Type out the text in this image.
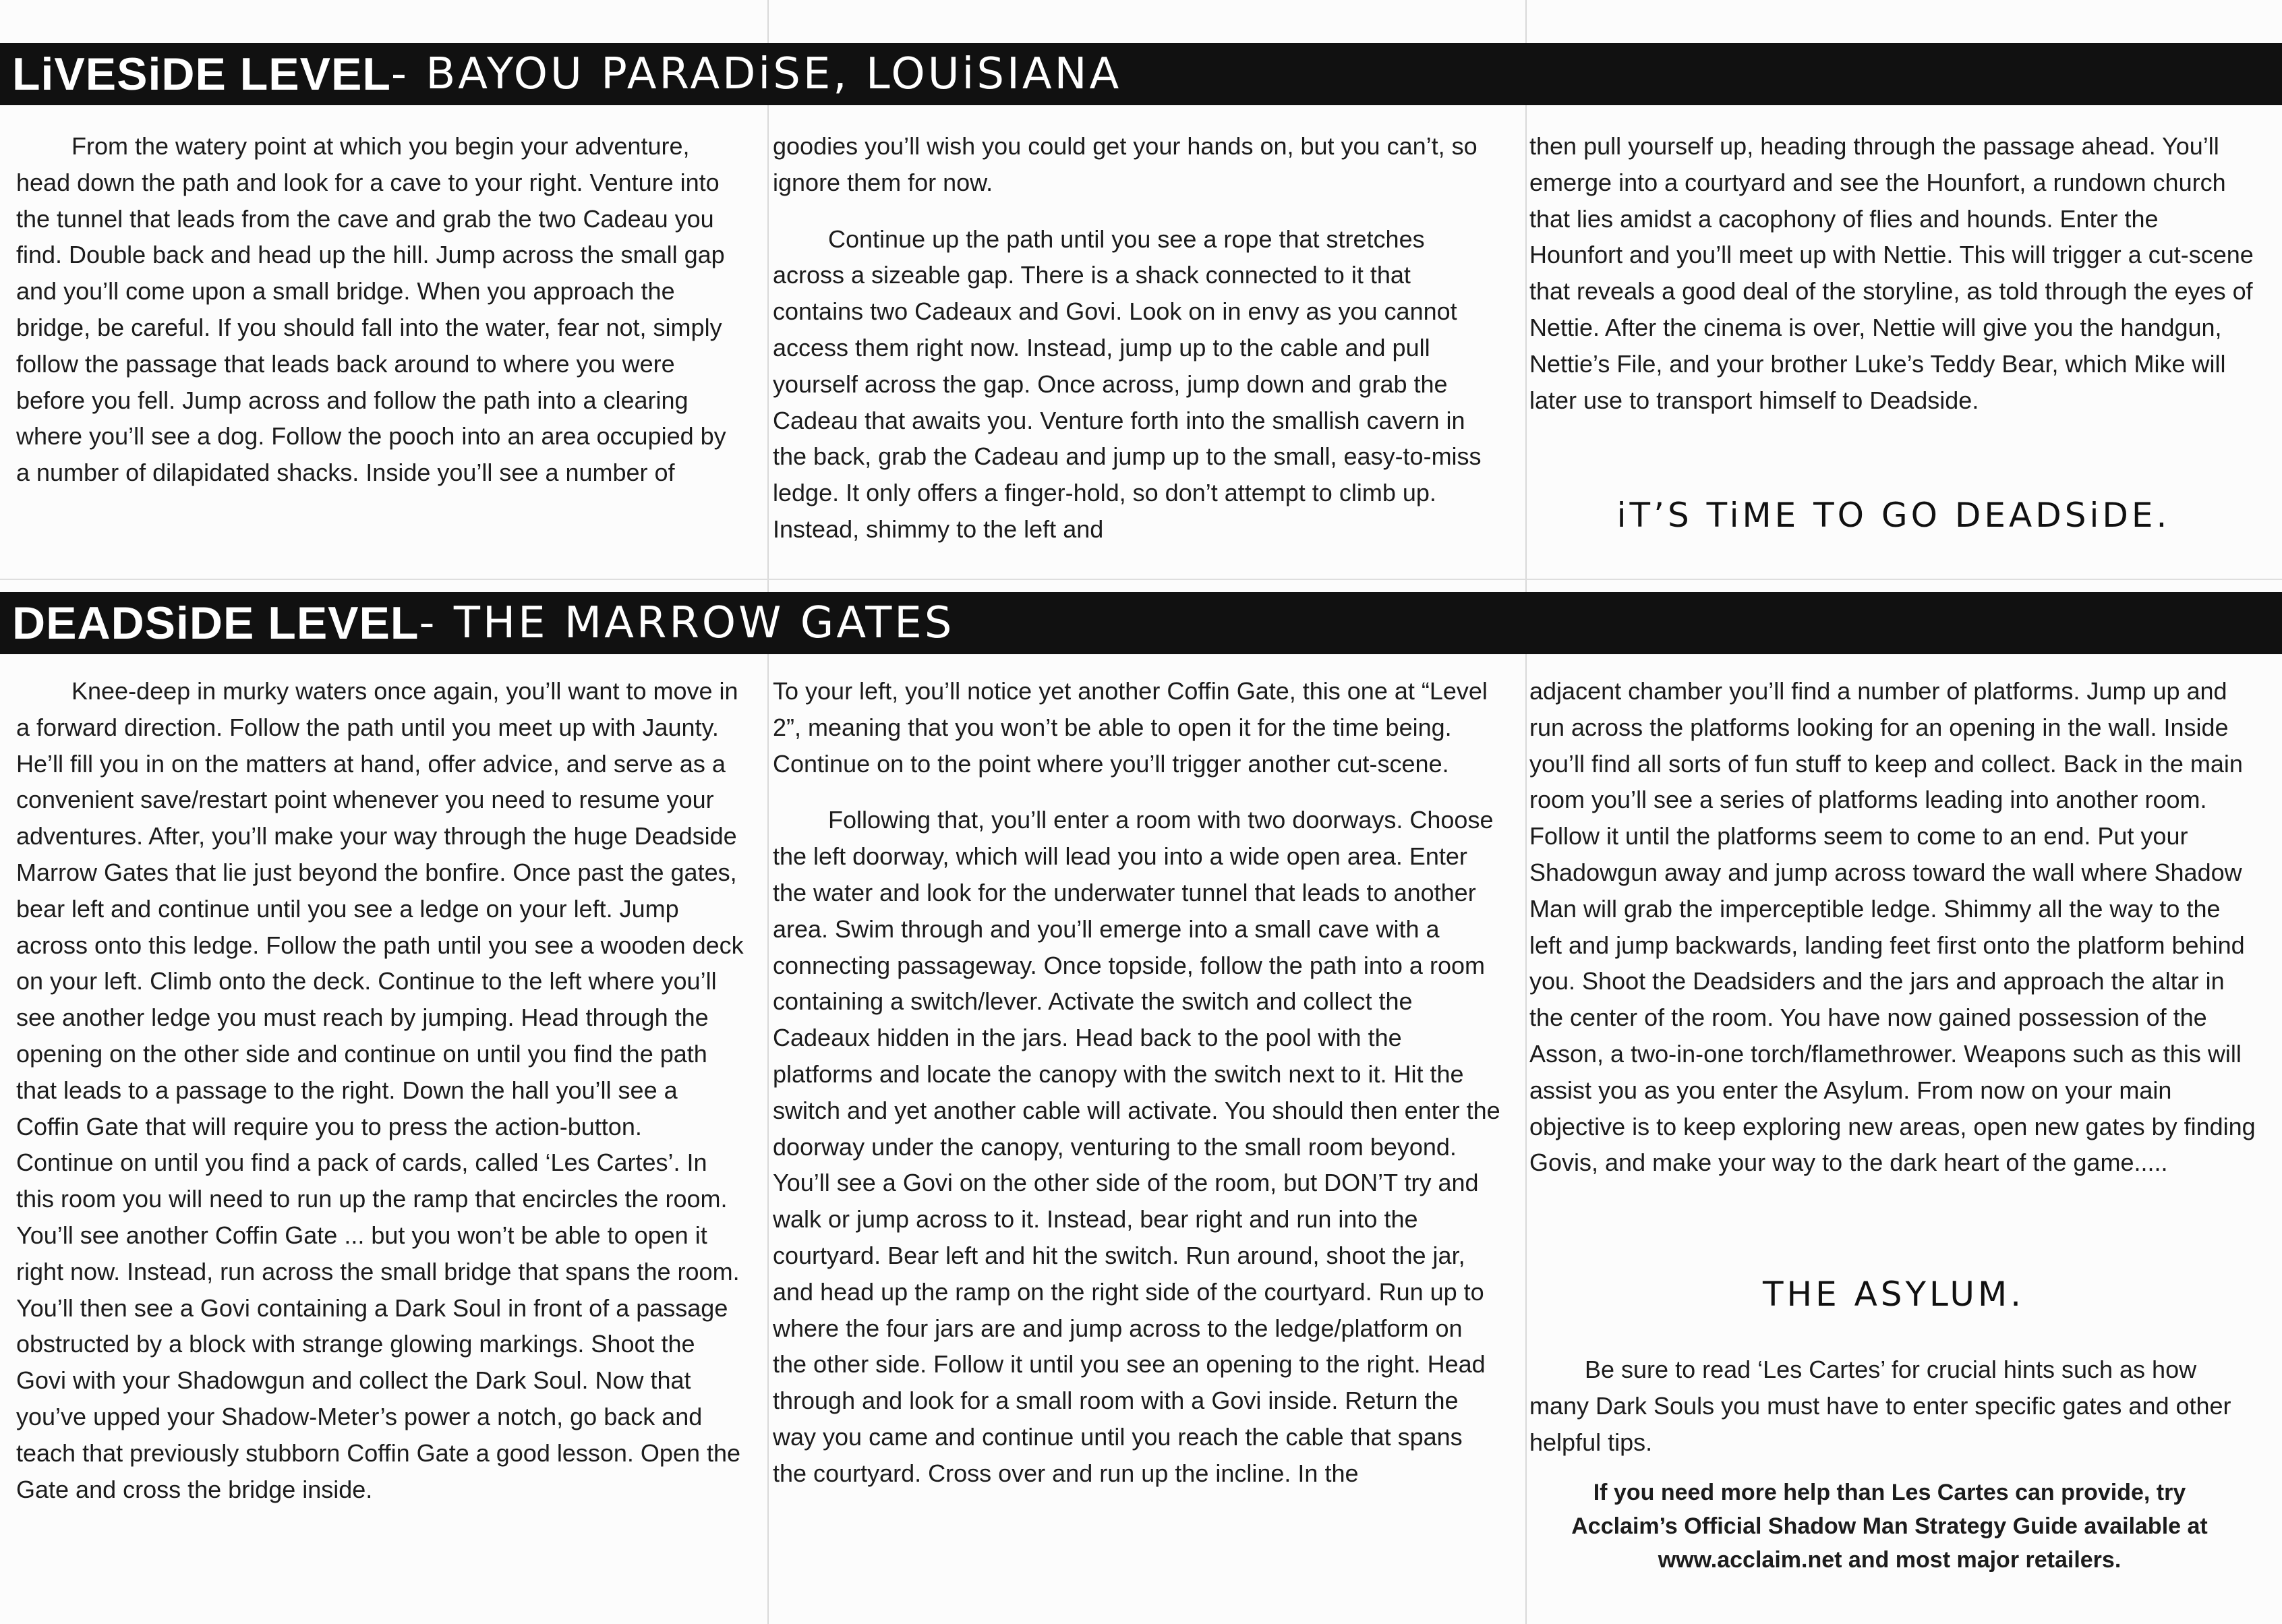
LiVESiDE LEVEL - BAYOU PARADiSE, LOUiSIANA

From the watery point at which you begin your adventure, head down the path and look for a cave to your right. Venture into the tunnel that leads from the cave and grab the two Cadeau you find. Double back and head up the hill. Jump across the small gap and you’ll come upon a small bridge. When you approach the bridge, be careful. If you should fall into the water, fear not, simply follow the passage that leads back around to where you were before you fell. Jump across and follow the path into a clearing where you’ll see a dog. Follow the pooch into an area occupied by a number of dilapidated shacks. Inside you’ll see a number of

goodies you’ll wish you could get your hands on, but you can’t, so ignore them for now.

Continue up the path until you see a rope that stretches across a sizeable gap. There is a shack connected to it that contains two Cadeaux and Govi. Look on in envy as you cannot access them right now. Instead, jump up to the cable and pull yourself across the gap. Once across, jump down and grab the Cadeau that awaits you. Venture forth into the smallish cavern in the back, grab the Cadeau and jump up to the small, easy-to-miss ledge. It only offers a finger-hold, so don’t attempt to climb up. Instead, shimmy to the left and

then pull yourself up, heading through the passage ahead. You’ll emerge into a courtyard and see the Hounfort, a rundown church that lies amidst a cacophony of flies and hounds. Enter the Hounfort and you’ll meet up with Nettie. This will trigger a cut-scene that reveals a good deal of the storyline, as told through the eyes of Nettie. After the cinema is over, Nettie will give you the handgun, Nettie’s File, and your brother Luke’s Teddy Bear, which Mike will later use to transport himself to Deadside.

iT’S TiME TO GO DEADSiDE.
DEADSiDE LEVEL - THE MARROW GATES

Knee-deep in murky waters once again, you’ll want to move in a forward direction. Follow the path until you meet up with Jaunty. He’ll fill you in on the matters at hand, offer advice, and serve as a convenient save/restart point whenever you need to resume your adventures. After, you’ll make your way through the huge Deadside Marrow Gates that lie just beyond the bonfire. Once past the gates, bear left and continue until you see a ledge on your left. Jump across onto this ledge. Follow the path until you see a wooden deck on your left. Climb onto the deck. Continue to the left where you’ll see another ledge you must reach by jumping. Head through the opening on the other side and continue on until you find the path that leads to a passage to the right. Down the hall you’ll see a Coffin Gate that will require you to press the action-button. Continue on until you find a pack of cards, called ‘Les Cartes’. In this room you will need to run up the ramp that encircles the room. You’ll see another Coffin Gate ... but you won’t be able to open it right now. Instead, run across the small bridge that spans the room. You’ll then see a Govi containing a Dark Soul in front of a passage obstructed by a block with strange glowing markings. Shoot the Govi with your Shadowgun and collect the Dark Soul. Now that you’ve upped your Shadow-Meter’s power a notch, go back and teach that previously stubborn Coffin Gate a good lesson. Open the Gate and cross the bridge inside.

To your left, you’ll notice yet another Coffin Gate, this one at “Level 2”, meaning that you won’t be able to open it for the time being. Continue on to the point where you’ll trigger another cut-scene.

Following that, you’ll enter a room with two doorways. Choose the left doorway, which will lead you into a wide open area. Enter the water and look for the underwater tunnel that leads to another area. Swim through and you’ll emerge into a small cave with a connecting passageway. Once topside, follow the path into a room containing a switch/lever. Activate the switch and collect the Cadeaux hidden in the jars. Head back to the pool with the platforms and locate the canopy with the switch next to it. Hit the switch and yet another cable will activate. You should then enter the doorway under the canopy, venturing to the small room beyond. You’ll see a Govi on the other side of the room, but DON’T try and walk or jump across to it. Instead, bear right and run into the courtyard. Bear left and hit the switch. Run around, shoot the jar, and head up the ramp on the right side of the courtyard. Run up to where the four jars are and jump across to the ledge/platform on the other side. Follow it until you see an opening to the right. Head through and look for a small room with a Govi inside. Return the way you came and continue until you reach the cable that spans the courtyard. Cross over and run up the incline. In the

adjacent chamber you’ll find a number of platforms. Jump up and run across the platforms looking for an opening in the wall. Inside you’ll find all sorts of fun stuff to keep and collect. Back in the main room you’ll see a series of platforms leading into another room. Follow it until the platforms seem to come to an end. Put your Shadowgun away and jump across toward the wall where Shadow Man will grab the imperceptible ledge. Shimmy all the way to the left and jump backwards, landing feet first onto the platform behind you. Shoot the Deadsiders and the jars and approach the altar in the center of the room. You have now gained possession of the Asson, a two-in-one torch/flamethrower. Weapons such as this will assist you as you enter the Asylum. From now on your main objective is to keep exploring new areas, open new gates by finding Govis, and make your way to the dark heart of the game.....

THE ASYLUM.

Be sure to read ‘Les Cartes’ for crucial hints such as how many Dark Souls you must have to enter specific gates and other helpful tips.

If you need more help than Les Cartes can provide, try
Acclaim’s Official Shadow Man Strategy Guide available at
www.acclaim.net and most major retailers.
